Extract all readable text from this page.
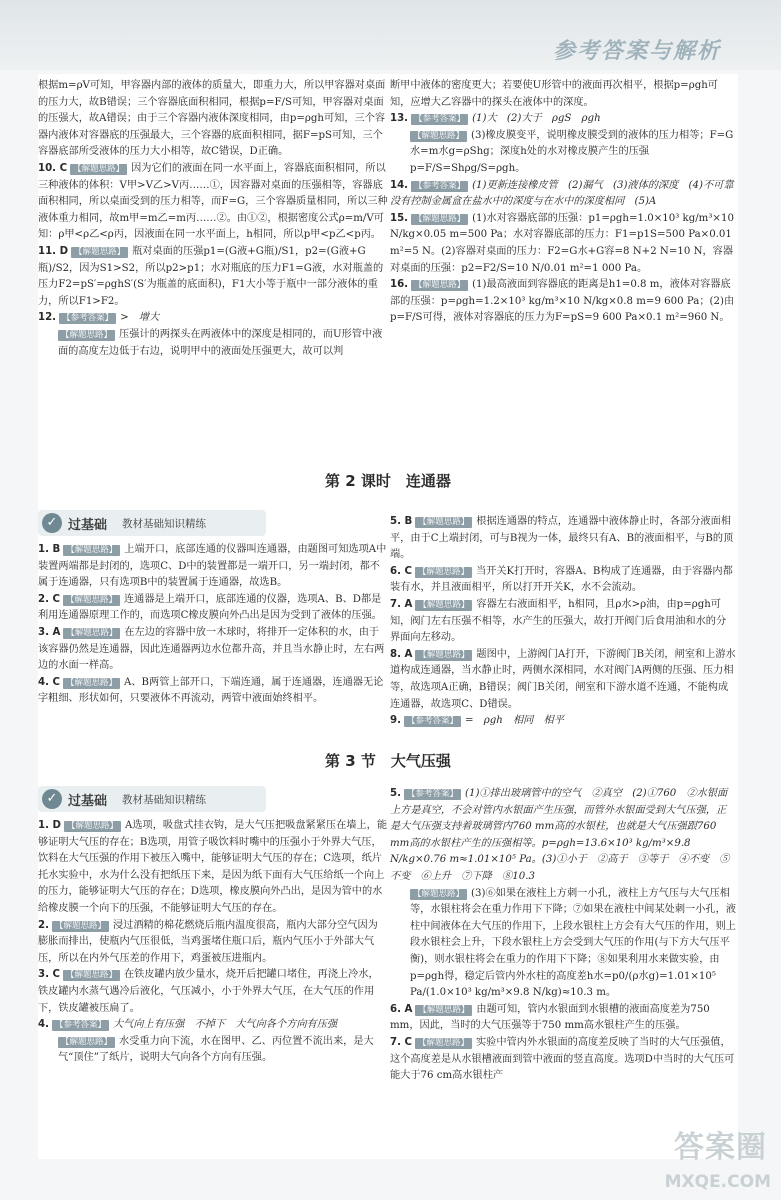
参考答案与解析

根据m=ρV可知，甲容器内部的液体的质量大，即重力大，所以甲容器对桌面的压力大，故B错误；三个容器底面积相同，根据p=F/S可知，甲容器对桌面的压强大，故A错误；由于三个容器内液体深度相同，由p=ρgh可知，三个容器内液体对容器底的压强最大，三个容器的底面积相同，据F=pS可知，三个容器底部所受液体的压力大小相等，故C错误，D正确。

10. C 【解题思路】 因为它们的液面在同一水平面上，容器底面积相同，所以三种液体的体积：V甲>V乙>V丙……①，因容器对桌面的压强相等，容器底面积相同，所以桌面受到的压力相等，而F=G，三个容器质量相同，所以三种液体重力相同，故m甲=m乙=m丙……②。由①②，根据密度公式ρ=m/V可知：ρ甲<ρ乙<ρ丙，因液面在同一水平面上，h相同，所以p甲<p乙<p丙。

11. D 【解题思路】 瓶对桌面的压强p1=(G液+G瓶)/S1，p2=(G液+G瓶)/S2，因为S1>S2，所以p2>p1；水对瓶底的压力F1=G液，水对瓶盖的压力F2=pS′=ρghS′(S′为瓶盖的底面积)，F1大小等于瓶中一部分液体的重力，所以F1>F2。

12. 【参考答案】 >　增大

【解题思路】 压强计的两探头在两液体中的深度是相同的，而U形管中液面的高度左边低于右边，说明甲中的液面处压强更大，故可以判

断甲中液体的密度更大；若要使U形管中的液面再次相平，根据p=ρgh可知，应增大乙容器中的探头在液体中的深度。

13. 【参考答案】 (1)大　(2)大于　ρgS　ρgh

【解题思路】 (3)橡皮膜变平，说明橡皮膜受到的液体的压力相等；F=G水=m水g=ρShg；深度h处的水对橡皮膜产生的压强p=F/S=Shρg/S=ρgh。

14. 【参考答案】 (1)更新连接橡皮管　(2)漏气　(3)液体的深度　(4)不可靠　没有控制金属盒在盐水中的深度与在水中的深度相同　(5)A

15. 【解题思路】 (1)水对容器底部的压强：p1=ρgh=1.0×10³ kg/m³×10 N/kg×0.05 m=500 Pa；水对容器底部的压力：F1=p1S=500 Pa×0.01 m²=5 N。(2)容器对桌面的压力：F2=G水+G容=8 N+2 N=10 N，容器对桌面的压强：p2=F2/S=10 N/0.01 m²=1 000 Pa。

16. 【解题思路】 (1)最高液面到容器底的距离是h1=0.8 m，液体对容器底部的压强：p=ρgh=1.2×10³ kg/m³×10 N/kg×0.8 m=9 600 Pa；(2)由p=F/S可得，液体对容器底的压力为F=pS=9 600 Pa×0.1 m²=960 N。

第 2 课时　连通器
✓ 过基础 教材基础知识精练

1. B 【解题思路】 上端开口，底部连通的仪器叫连通器，由题图可知选项A中装置两端都是封闭的，选项C、D中的装置都是一端开口，另一端封闭，都不属于连通器，只有选项B中的装置属于连通器，故选B。

2. C 【解题思路】 连通器是上端开口，底部连通的仪器，选项A、B、D都是利用连通器原理工作的，而选项C橡皮膜向外凸出是因为受到了液体的压强。

3. A 【解题思路】 在左边的容器中放一木球时，将排开一定体积的水，由于该容器仍然是连通器，因此连通器两边水位都升高，并且当水静止时，左右两边的水面一样高。

4. C 【解题思路】 A、B两管上部开口，下端连通，属于连通器，连通器无论字粗细、形状如何，只要液体不再流动，两管中液面始终相平。

5. B 【解题思路】 根据连通器的特点，连通器中液体静止时，各部分液面相平，由于C上端封闭，可与B视为一体，最终只有A、B的液面相平，与B的顶端。

6. C 【解题思路】 当开关K打开时，容器A、B构成了连通器，由于容器内都装有水，并且液面相平，所以打开开关K，水不会流动。

7. A 【解题思路】 容器左右液面相平，h相同，且ρ水>ρ油，由p=ρgh可知，阀门左右压强不相等，水产生的压强大，故打开阀门后食用油和水的分界面向左移动。

8. A 【解题思路】 题图中，上游阀门A打开，下游阀门B关闭，闸室和上游水道构成连通器，当水静止时，两侧水深相同，水对阀门A两侧的压强、压力相等，故选项A正确，B错误；阀门B关闭，闸室和下游水道不连通，不能构成连通器，故选项C、D错误。

9. 【参考答案】 =　ρgh　相同　相平

第 3 节　大气压强
✓ 过基础 教材基础知识精练

1. D 【解题思路】 A选项，吸盘式挂衣钩，是大气压把吸盘紧紧压在墙上，能够证明大气压的存在；B选项，用管子吸饮料时嘴中的压强小于外界大气压，饮料在大气压强的作用下被压入嘴中，能够证明大气压的存在；C选项，纸片托水实验中，水为什么没有把纸压下来，是因为纸下面有大气压给纸一个向上的压力，能够证明大气压的存在；D选项，橡皮膜向外凸出，是因为管中的水给橡皮膜一个向下的压强，不能够证明大气压的存在。

2. 【解题思路】 浸过酒精的棉花燃烧后瓶内温度很高，瓶内大部分空气因为膨胀而排出，使瓶内气压很低，当鸡蛋堵住瓶口后，瓶内气压小于外部大气压，所以在内外气压差的作用下，鸡蛋被压进瓶内。

3. C 【解题思路】 在铁皮罐内放少量水，烧开后把罐口堵住，再浇上冷水，铁皮罐内水蒸气遇冷后液化，气压减小，小于外界大气压，在大气压的作用下，铁皮罐被压扁了。

4. 【参考答案】 大气向上有压强　不掉下　大气向各个方向有压强

【解题思路】 水受重力向下流，水在图甲、乙、丙位置不流出来，是大气“顶住”了纸片，说明大气向各个方向有压强。

5. 【参考答案】 (1)①排出玻璃管中的空气　②真空　(2)①760　②水银面上方是真空，不会对管内水银面产生压强，而管外水银面受到大气压强，正是大气压强支持着玻璃管内760 mm高的水银柱，也就是大气压强跟760 mm高的水银柱产生的压强相等。p=ρgh=13.6×10³ kg/m³×9.8 N/kg×0.76 m≈1.01×10⁵ Pa。(3)①小于　②高于　③等于　④不变　⑤不变　⑥上升　⑦下降　⑧10.3

【解题思路】 (3)⑥如果在液柱上方刺一小孔，液柱上方气压与大气压相等，水银柱将会在重力作用下下降；⑦如果在液柱中间某处刺一小孔，液柱中间液体在大气压的作用下，上段水银柱上方会有大气压的作用，则上段水银柱会上升，下段水银柱上方会受到大气压的作用(与下方大气压平衡)，则水银柱将会在重力的作用下下降；⑧如果利用水来做实验，由p=ρgh得，稳定后管内外水柱的高度差h水=p0/(ρ水g)=1.01×10⁵ Pa/(1.0×10³ kg/m³×9.8 N/kg)≈10.3 m。

6. A 【解题思路】 由题可知，管内水银面到水银槽的液面高度差为750 mm，因此，当时的大气压强等于750 mm高水银柱产生的压强。

7. C 【解题思路】 实验中管内外水银面的高度差反映了当时的大气压强值，这个高度差是从水银槽液面到管中液面的竖直高度。选项D中当时的大气压可能大于76 cm高水银柱产

答案圈
MXQE.COM
